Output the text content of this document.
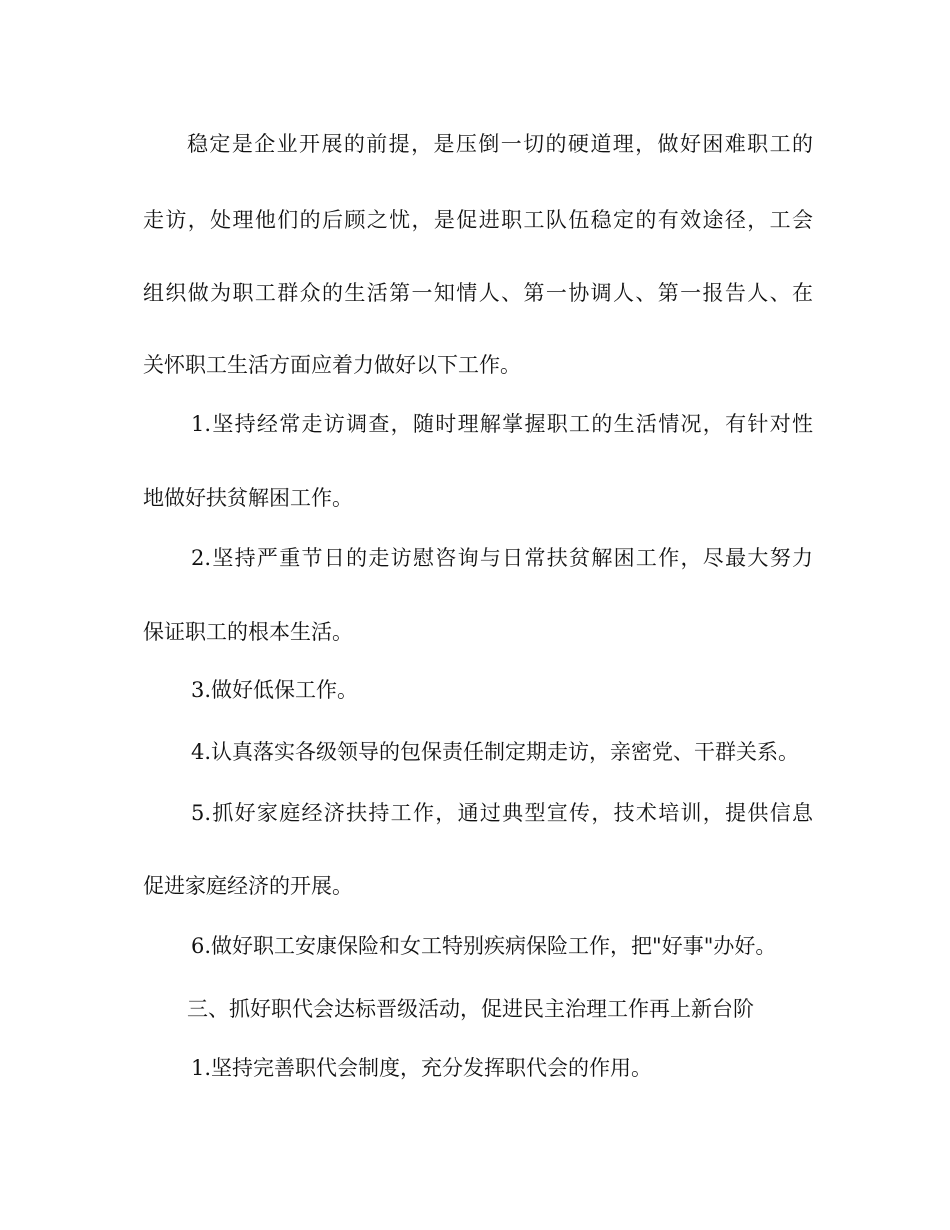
稳定是企业开展的前提，是压倒一切的硬道理，做好困难职工的
走访，处理他们的后顾之忧，是促进职工队伍稳定的有效途径，工会
组织做为职工群众的生活第一知情人、第一协调人、第一报告人、在
关怀职工生活方面应着力做好以下工作。
1.坚持经常走访调查，随时理解掌握职工的生活情况，有针对性
地做好扶贫解困工作。
2.坚持严重节日的走访慰咨询与日常扶贫解困工作，尽最大努力
保证职工的根本生活。
3.做好低保工作。
4.认真落实各级领导的包保责任制定期走访，亲密党、干群关系。
5.抓好家庭经济扶持工作，通过典型宣传，技术培训，提供信息
促进家庭经济的开展。
6.做好职工安康保险和女工特别疾病保险工作，把"好事"办好。
三、抓好职代会达标晋级活动，促进民主治理工作再上新台阶
1.坚持完善职代会制度，充分发挥职代会的作用。
